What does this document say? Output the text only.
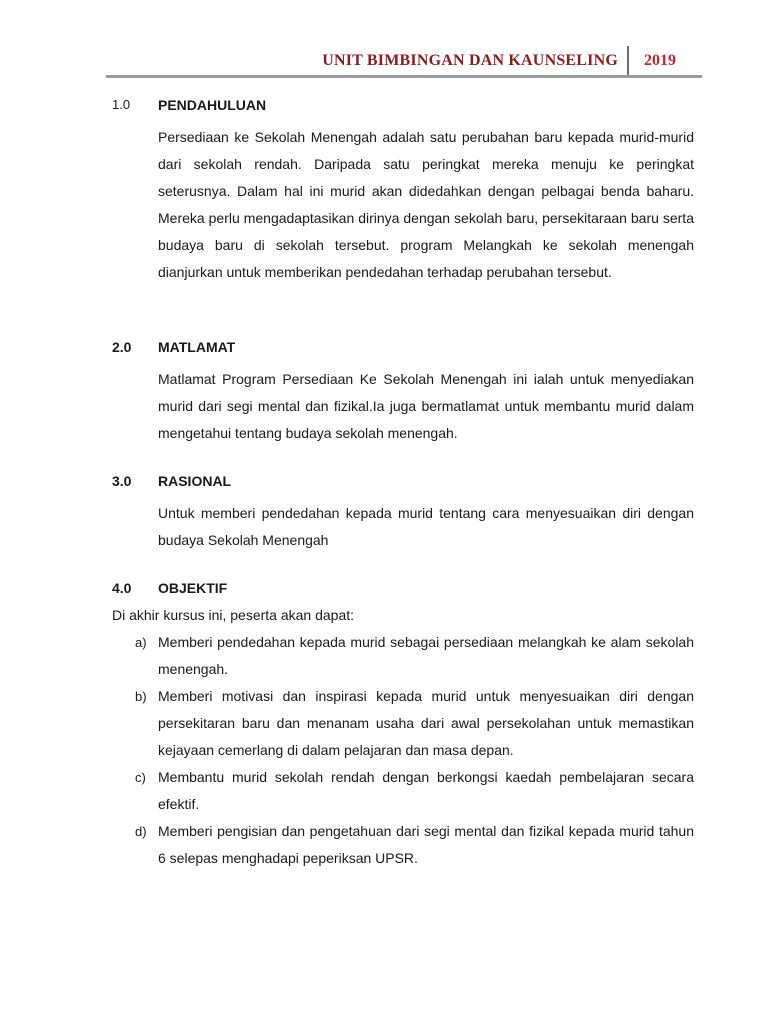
UNIT BIMBINGAN DAN KAUNSELING 2019
1.0 PENDAHULUAN

Persediaan ke Sekolah Menengah adalah satu perubahan baru kepada murid-murid dari sekolah rendah. Daripada satu peringkat mereka menuju ke peringkat seterusnya. Dalam hal ini murid akan didedahkan dengan pelbagai benda baharu. Mereka perlu mengadaptasikan dirinya dengan sekolah baru, persekitaraan baru serta budaya baru di sekolah tersebut. program Melangkah ke sekolah menengah dianjurkan untuk memberikan pendedahan terhadap perubahan tersebut.

2.0 MATLAMAT

Matlamat Program Persediaan Ke Sekolah Menengah ini ialah untuk menyediakan murid dari segi mental dan fizikal.Ia juga bermatlamat untuk membantu murid dalam mengetahui tentang budaya sekolah menengah.

3.0 RASIONAL

Untuk memberi pendedahan kepada murid tentang cara menyesuaikan diri dengan budaya Sekolah Menengah

4.0 OBJEKTIF
Di akhir kursus ini, peserta akan dapat:
a) Memberi pendedahan kepada murid sebagai persediaan melangkah ke alam sekolah menengah.
b) Memberi motivasi dan inspirasi kepada murid untuk menyesuaikan diri dengan persekitaran baru dan menanam usaha dari awal persekolahan untuk memastikan kejayaan cemerlang di dalam pelajaran dan masa depan.
c) Membantu murid sekolah rendah dengan berkongsi kaedah pembelajaran secara efektif.
d) Memberi pengisian dan pengetahuan dari segi mental dan fizikal kepada murid tahun 6 selepas menghadapi peperiksan UPSR.
